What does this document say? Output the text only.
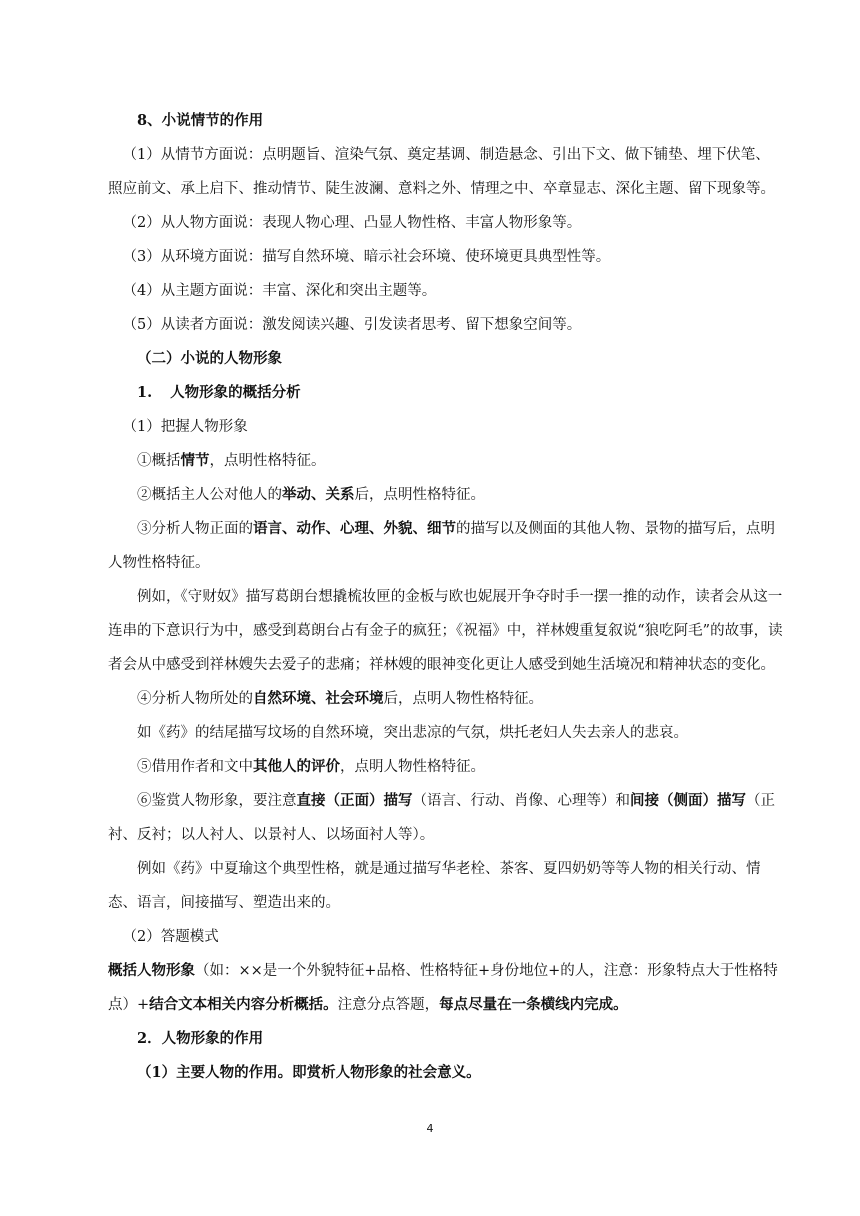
8、小说情节的作用

（1）从情节方面说：点明题旨、渲染气氛、奠定基调、制造悬念、引出下文、做下铺垫、埋下伏笔、照应前文、承上启下、推动情节、陡生波澜、意料之外、情理之中、卒章显志、深化主题、留下现象等。

（2）从人物方面说：表现人物心理、凸显人物性格、丰富人物形象等。

（3）从环境方面说：描写自然环境、暗示社会环境、使环境更具典型性等。

（4）从主题方面说：丰富、深化和突出主题等。

（5）从读者方面说：激发阅读兴趣、引发读者思考、留下想象空间等。

（二）小说的人物形象

1. 人物形象的概括分析

（1）把握人物形象

①概括情节，点明性格特征。

②概括主人公对他人的举动、关系后，点明性格特征。

③分析人物正面的语言、动作、心理、外貌、细节的描写以及侧面的其他人物、景物的描写后，点明人物性格特征。

例如，《守财奴》描写葛朗台想撬梳妆匣的金板与欧也妮展开争夺时手一摆一推的动作，读者会从这一连串的下意识行为中，感受到葛朗台占有金子的疯狂；《祝福》中，祥林嫂重复叙说“狼吃阿毛”的故事，读者会从中感受到祥林嫂失去爱子的悲痛；祥林嫂的眼神变化更让人感受到她生活境况和精神状态的变化。

④分析人物所处的自然环境、社会环境后，点明人物性格特征。

如《药》的结尾描写坟场的自然环境，突出悲凉的气氛，烘托老妇人失去亲人的悲哀。

⑤借用作者和文中其他人的评价，点明人物性格特征。

⑥鉴赏人物形象，要注意直接（正面）描写（语言、行动、肖像、心理等）和间接（侧面）描写（正衬、反衬；以人衬人、以景衬人、以场面衬人等）。

例如《药》中夏瑜这个典型性格，就是通过描写华老栓、茶客、夏四奶奶等等人物的相关行动、情态、语言，间接描写、塑造出来的。

（2）答题模式

概括人物形象（如：××是一个外貌特征+品格、性格特征+身份地位+的人，注意：形象特点大于性格特点）+结合文本相关内容分析概括。注意分点答题，每点尽量在一条横线内完成。

2．人物形象的作用

（1）主要人物的作用。即赏析人物形象的社会意义。

4
